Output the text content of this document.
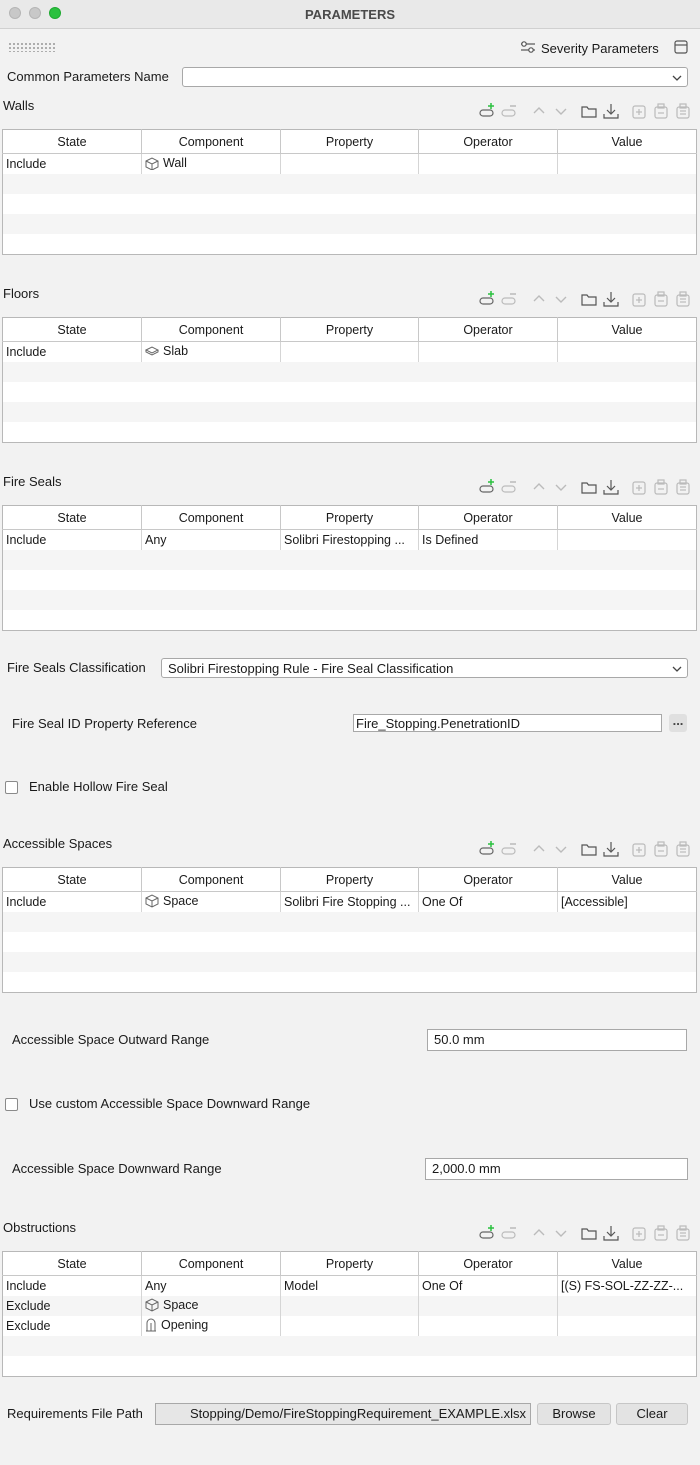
PARAMETERS
Severity Parameters
Common Parameters Name
Walls
State	Component	Property	Operator	Value
Include	Wall			

Floors
State	Component	Property	Operator	Value
Include	Slab			

Fire Seals
State	Component	Property	Operator	Value
Include	Any	Solibri Firestopping ...	Is Defined	

Fire Seals Classification Solibri Firestopping Rule - Fire Seal Classification
Fire Seal ID Property Reference	Fire_Stopping.PenetrationID	...
Enable Hollow Fire Seal
Accessible Spaces
State	Component	Property	Operator	Value
Include	Space	Solibri Fire Stopping ...	One Of	[Accessible]

Accessible Space Outward Range	50.0 mm
Use custom Accessible Space Downward Range
Accessible Space Downward Range	2,000.0 mm
Obstructions
State	Component	Property	Operator	Value
Include	Any	Model	One Of	[(S) FS-SOL-ZZ-ZZ-...
Exclude	Space			
Exclude	Opening			

Requirements File Path	Stopping/Demo/FireStoppingRequirement_EXAMPLE.xlsx	Browse	Clear
